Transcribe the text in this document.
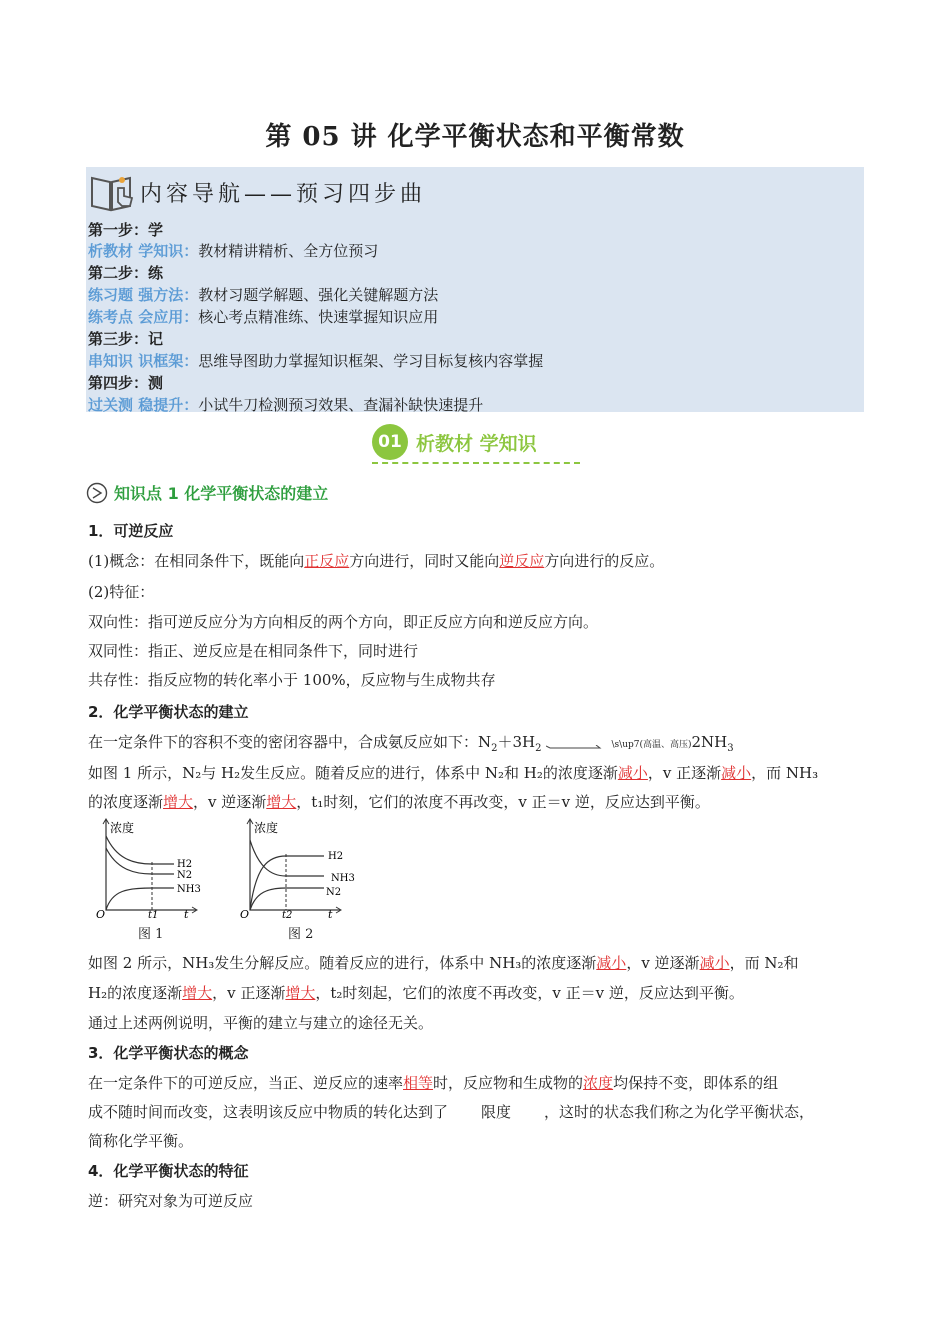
第 05 讲 化学平衡状态和平衡常数
内容导航——预习四步曲
第一步：学
析教材 学知识：教材精讲精析、全方位预习
第二步：练
练习题 强方法：教材习题学解题、强化关键解题方法
练考点 会应用：核心考点精准练、快速掌握知识应用
第三步：记
串知识 识框架：思维导图助力掌握知识框架、学习目标复核内容掌握
第四步：测
过关测 稳提升：小试牛刀检测预习效果、查漏补缺快速提升
01 析教材 学知识
知识点 1 化学平衡状态的建立
1．可逆反应
(1)概念：在相同条件下，既能向正反应方向进行，同时又能向逆反应方向进行的反应。
(2)特征：
双向性：指可逆反应分为方向相反的两个方向，即正反应方向和逆反应方向。
双同性：指正、逆反应是在相同条件下，同时进行
共存性：指反应物的转化率小于 100%，反应物与生成物共存
2．化学平衡状态的建立
在一定条件下的容积不变的密闭容器中，合成氨反应如下：$N_2+3H_2$	\s\up7(高温、高压)$2NH_3$
如图 1 所示，N₂与 H₂发生反应。随着反应的进行，体系中 N₂和 H₂的浓度逐渐减小，v 正逐渐减小，而 NH₃
的浓度逐渐增大，v 逆逐渐增大，t₁时刻，它们的浓度不再改变，v 正＝v 逆，反应达到平衡。
浓度
O	t1 t
H2
N2
NH3
图 1
浓度
O	t2	t
H2
NH3
N2
图 2
如图 2 所示，NH₃发生分解反应。随着反应的进行，体系中 NH₃的浓度逐渐减小，v 逆逐渐减小，而 N₂和
H₂的浓度逐渐增大，v 正逐渐增大，t₂时刻起，它们的浓度不再改变，v 正＝v 逆，反应达到平衡。
通过上述两例说明，平衡的建立与建立的途径无关。
3．化学平衡状态的概念
在一定条件下的可逆反应，当正、逆反应的速率相等时，反应物和生成物的浓度均保持不变，即体系的组
成不随时间而改变，这表明该反应中物质的转化达到了 限度 ，这时的状态我们称之为化学平衡状态，
简称化学平衡。
4．化学平衡状态的特征
逆：研究对象为可逆反应
